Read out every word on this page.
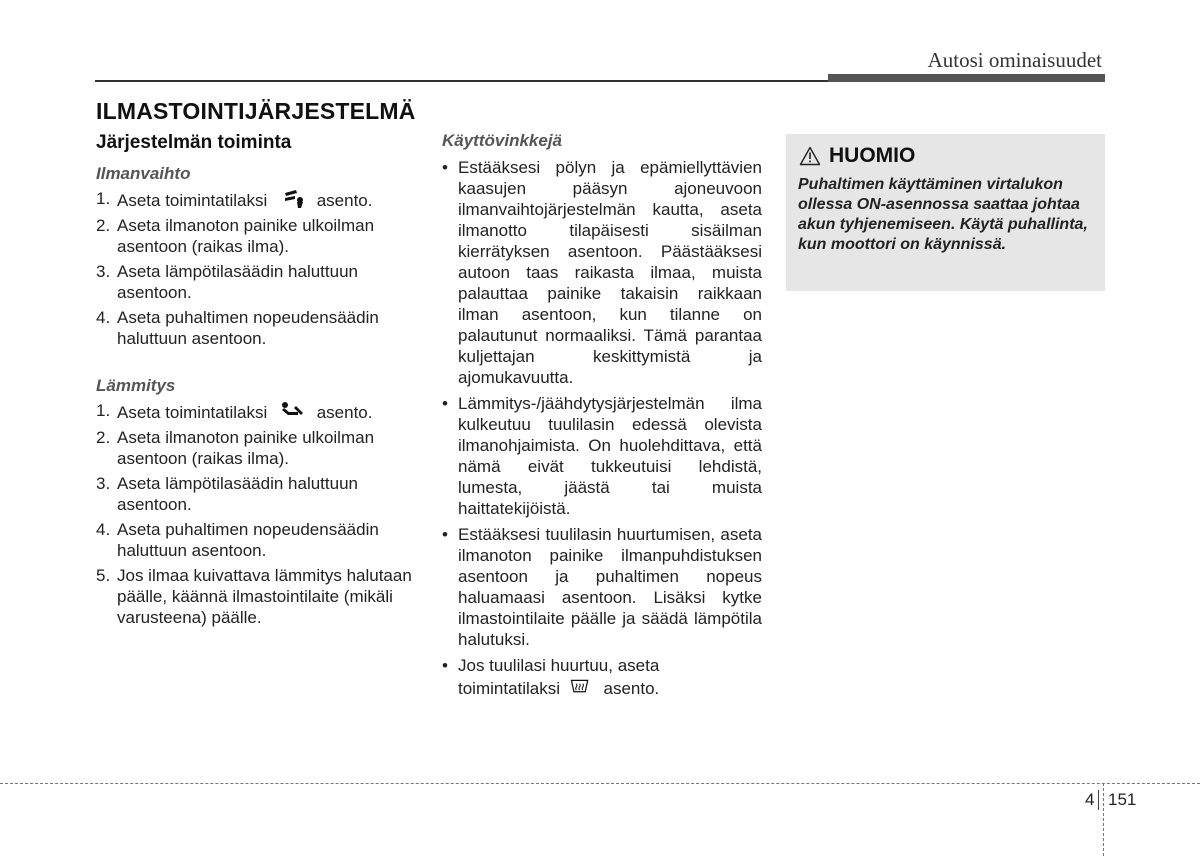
Autosi ominaisuudet
ILMASTOINTIJÄRJESTELMÄ
Järjestelmän toiminta
Ilmanvaihto
1. Aseta toimintatilaksi	asento.
2. Aseta ilmanoton painike ulkoilman asentoon (raikas ilma).
3. Aseta lämpötilasäädin haluttuun asentoon.
4. Aseta puhaltimen nopeudensäädin haluttuun asentoon.
Lämmitys
1. Aseta toimintatilaksi	asento.
2. Aseta ilmanoton painike ulkoilman asentoon (raikas ilma).
3. Aseta lämpötilasäädin haluttuun asentoon.
4. Aseta puhaltimen nopeudensäädin haluttuun asentoon.
5. Jos ilmaa kuivattava lämmitys halutaan päälle, käännä ilmastointilaite (mikäli varusteena) päälle.
Käyttövinkkejä
• Estääksesi pölyn ja epämiellyttävien kaasujen pääsyn ajoneuvoon ilmanvaihtojärjestelmän kautta, aseta ilmanotto tilapäisesti sisäilman kierrätyksen asentoon. Päästääksesi autoon taas raikasta ilmaa, muista palauttaa painike takaisin raikkaan ilman asentoon, kun tilanne on palautunut normaaliksi. Tämä parantaa kuljettajan keskittymistä ja ajomukavuutta.
• Lämmitys-/jäähdytysjärjestelmän ilma kulkeutuu tuulilasin edessä olevista ilmanohjaimista. On huolehdittava, että nämä eivät tukkeutuisi lehdistä, lumesta, jäästä tai muista haittatekijöistä.
• Estääksesi tuulilasin huurtumisen, aseta ilmanoton painike ilmanpuhdistuksen asentoon ja puhaltimen nopeus haluamaasi asentoon. Lisäksi kytke ilmastointilaite päälle ja säädä lämpötila halutuksi.
• Jos tuulilasi huurtuu, aseta toimintatilaksi	asento.
HUOMIO
Puhaltimen käyttäminen virtalukon ollessa ON-asennossa saattaa johtaa akun tyhjenemiseen. Käytä puhallinta, kun moottori on käynnissä.
4 151
